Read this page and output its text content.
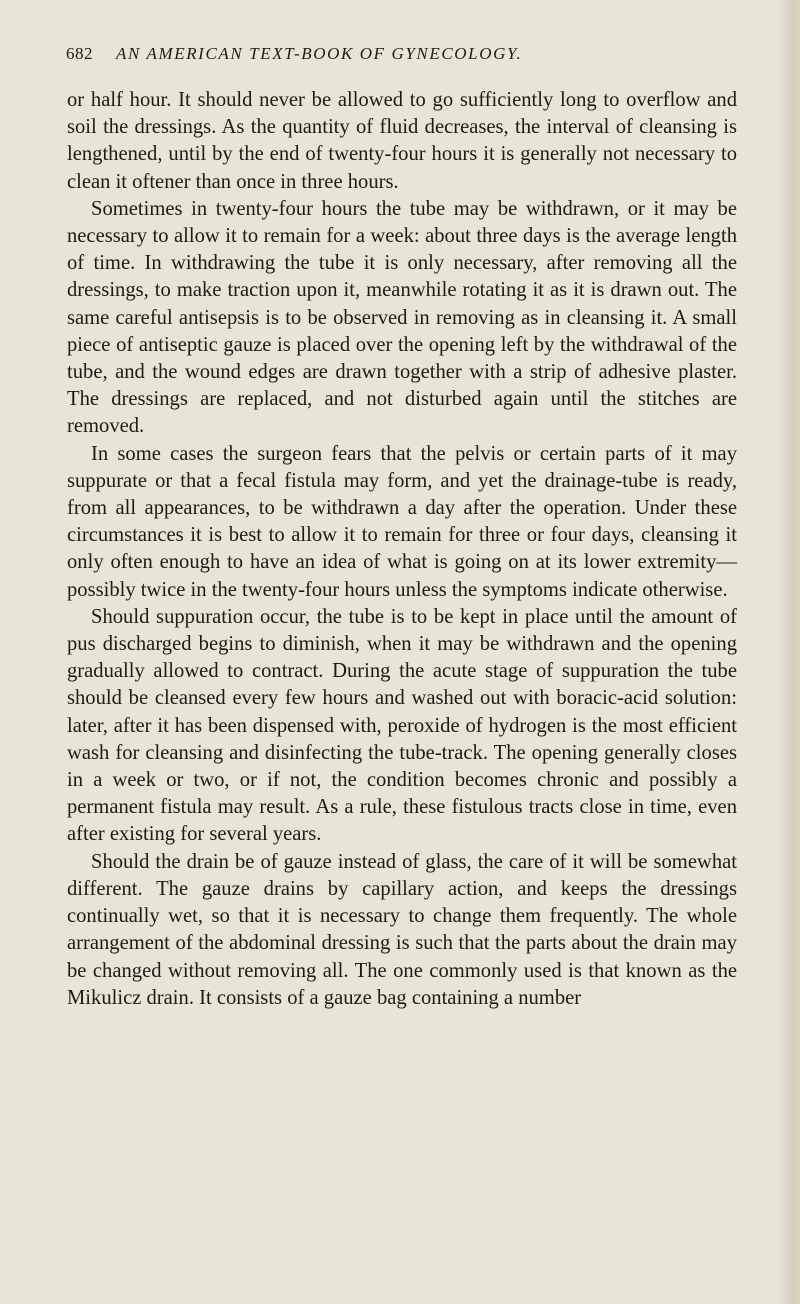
682 AN AMERICAN TEXT-BOOK OF GYNECOLOGY.

or half hour. It should never be allowed to go sufficiently long to overflow and soil the dressings. As the quantity of fluid decreases, the interval of cleansing is lengthened, until by the end of twenty-four hours it is generally not necessary to clean it oftener than once in three hours.

Sometimes in twenty-four hours the tube may be withdrawn, or it may be necessary to allow it to remain for a week: about three days is the average length of time. In withdrawing the tube it is only necessary, after removing all the dressings, to make traction upon it, meanwhile rotating it as it is drawn out. The same careful antisepsis is to be observed in removing as in cleansing it. A small piece of antiseptic gauze is placed over the opening left by the withdrawal of the tube, and the wound edges are drawn together with a strip of adhesive plaster. The dressings are replaced, and not disturbed again until the stitches are removed.

In some cases the surgeon fears that the pelvis or certain parts of it may suppurate or that a fecal fistula may form, and yet the drainage-tube is ready, from all appearances, to be withdrawn a day after the operation. Under these circumstances it is best to allow it to remain for three or four days, cleansing it only often enough to have an idea of what is going on at its lower extremity—possibly twice in the twenty-four hours unless the symptoms indicate otherwise.

Should suppuration occur, the tube is to be kept in place until the amount of pus discharged begins to diminish, when it may be withdrawn and the opening gradually allowed to contract. During the acute stage of suppuration the tube should be cleansed every few hours and washed out with boracic-acid solution: later, after it has been dispensed with, peroxide of hydrogen is the most efficient wash for cleansing and disinfecting the tube-track. The opening generally closes in a week or two, or if not, the condition becomes chronic and possibly a permanent fistula may result. As a rule, these fistulous tracts close in time, even after existing for several years.

Should the drain be of gauze instead of glass, the care of it will be somewhat different. The gauze drains by capillary action, and keeps the dressings continually wet, so that it is necessary to change them frequently. The whole arrangement of the abdominal dressing is such that the parts about the drain may be changed without removing all. The one commonly used is that known as the Mikulicz drain. It consists of a gauze bag containing a number
